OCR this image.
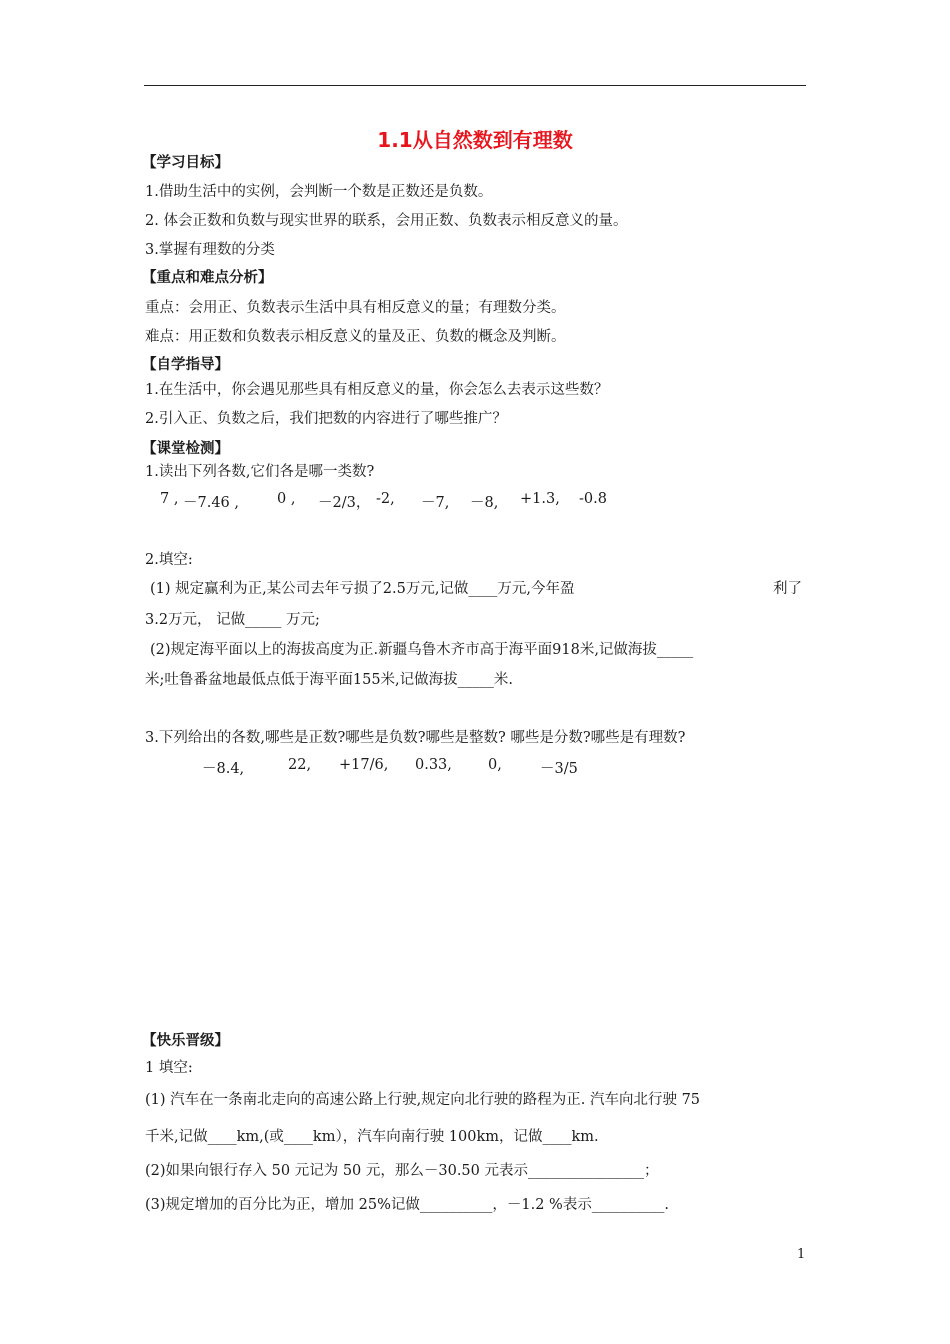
1.1从自然数到有理数
【学习目标】
1.借助生活中的实例，会判断一个数是正数还是负数。
2. 体会正数和负数与现实世界的联系，会用正数、负数表示相反意义的量。
3.掌握有理数的分类
【重点和难点分析】
重点：会用正、负数表示生活中具有相反意义的量；有理数分类。
难点：用正数和负数表示相反意义的量及正、负数的概念及判断。
【自学指导】
1.在生活中，你会遇见那些具有相反意义的量，你会怎么去表示这些数？
2.引入正、负数之后，我们把数的内容进行了哪些推广？
【课堂检测】
1.读出下列各数,它们各是哪一类数?
7 , －7.46 ,	0 , －2/3， -2, －7, －8, +1.3, -0.8
2.填空:
(1) 规定赢利为正,某公司去年亏损了2.5万元,记做____万元,今年盈	利了
3.2万元， 记做_____ 万元;
(2)规定海平面以上的海拔高度为正.新疆乌鲁木齐市高于海平面918米,记做海拔_____
米;吐鲁番盆地最低点低于海平面155米,记做海拔_____米.
3.下列给出的各数,哪些是正数?哪些是负数?哪些是整数? 哪些是分数?哪些是有理数?
－8.4,	22, +17/6, 0.33, 0,	－3/5
【快乐晋级】
1 填空:
(1) 汽车在一条南北走向的高速公路上行驶,规定向北行驶的路程为正. 汽车向北行驶 75
千米,记做____km,(或____km），汽车向南行驶 100km，记做____km.
(2)如果向银行存入 50 元记为 50 元，那么－30.50 元表示________________；
(3)规定增加的百分比为正，增加 25%记做__________，－1.2 %表示__________.
1
